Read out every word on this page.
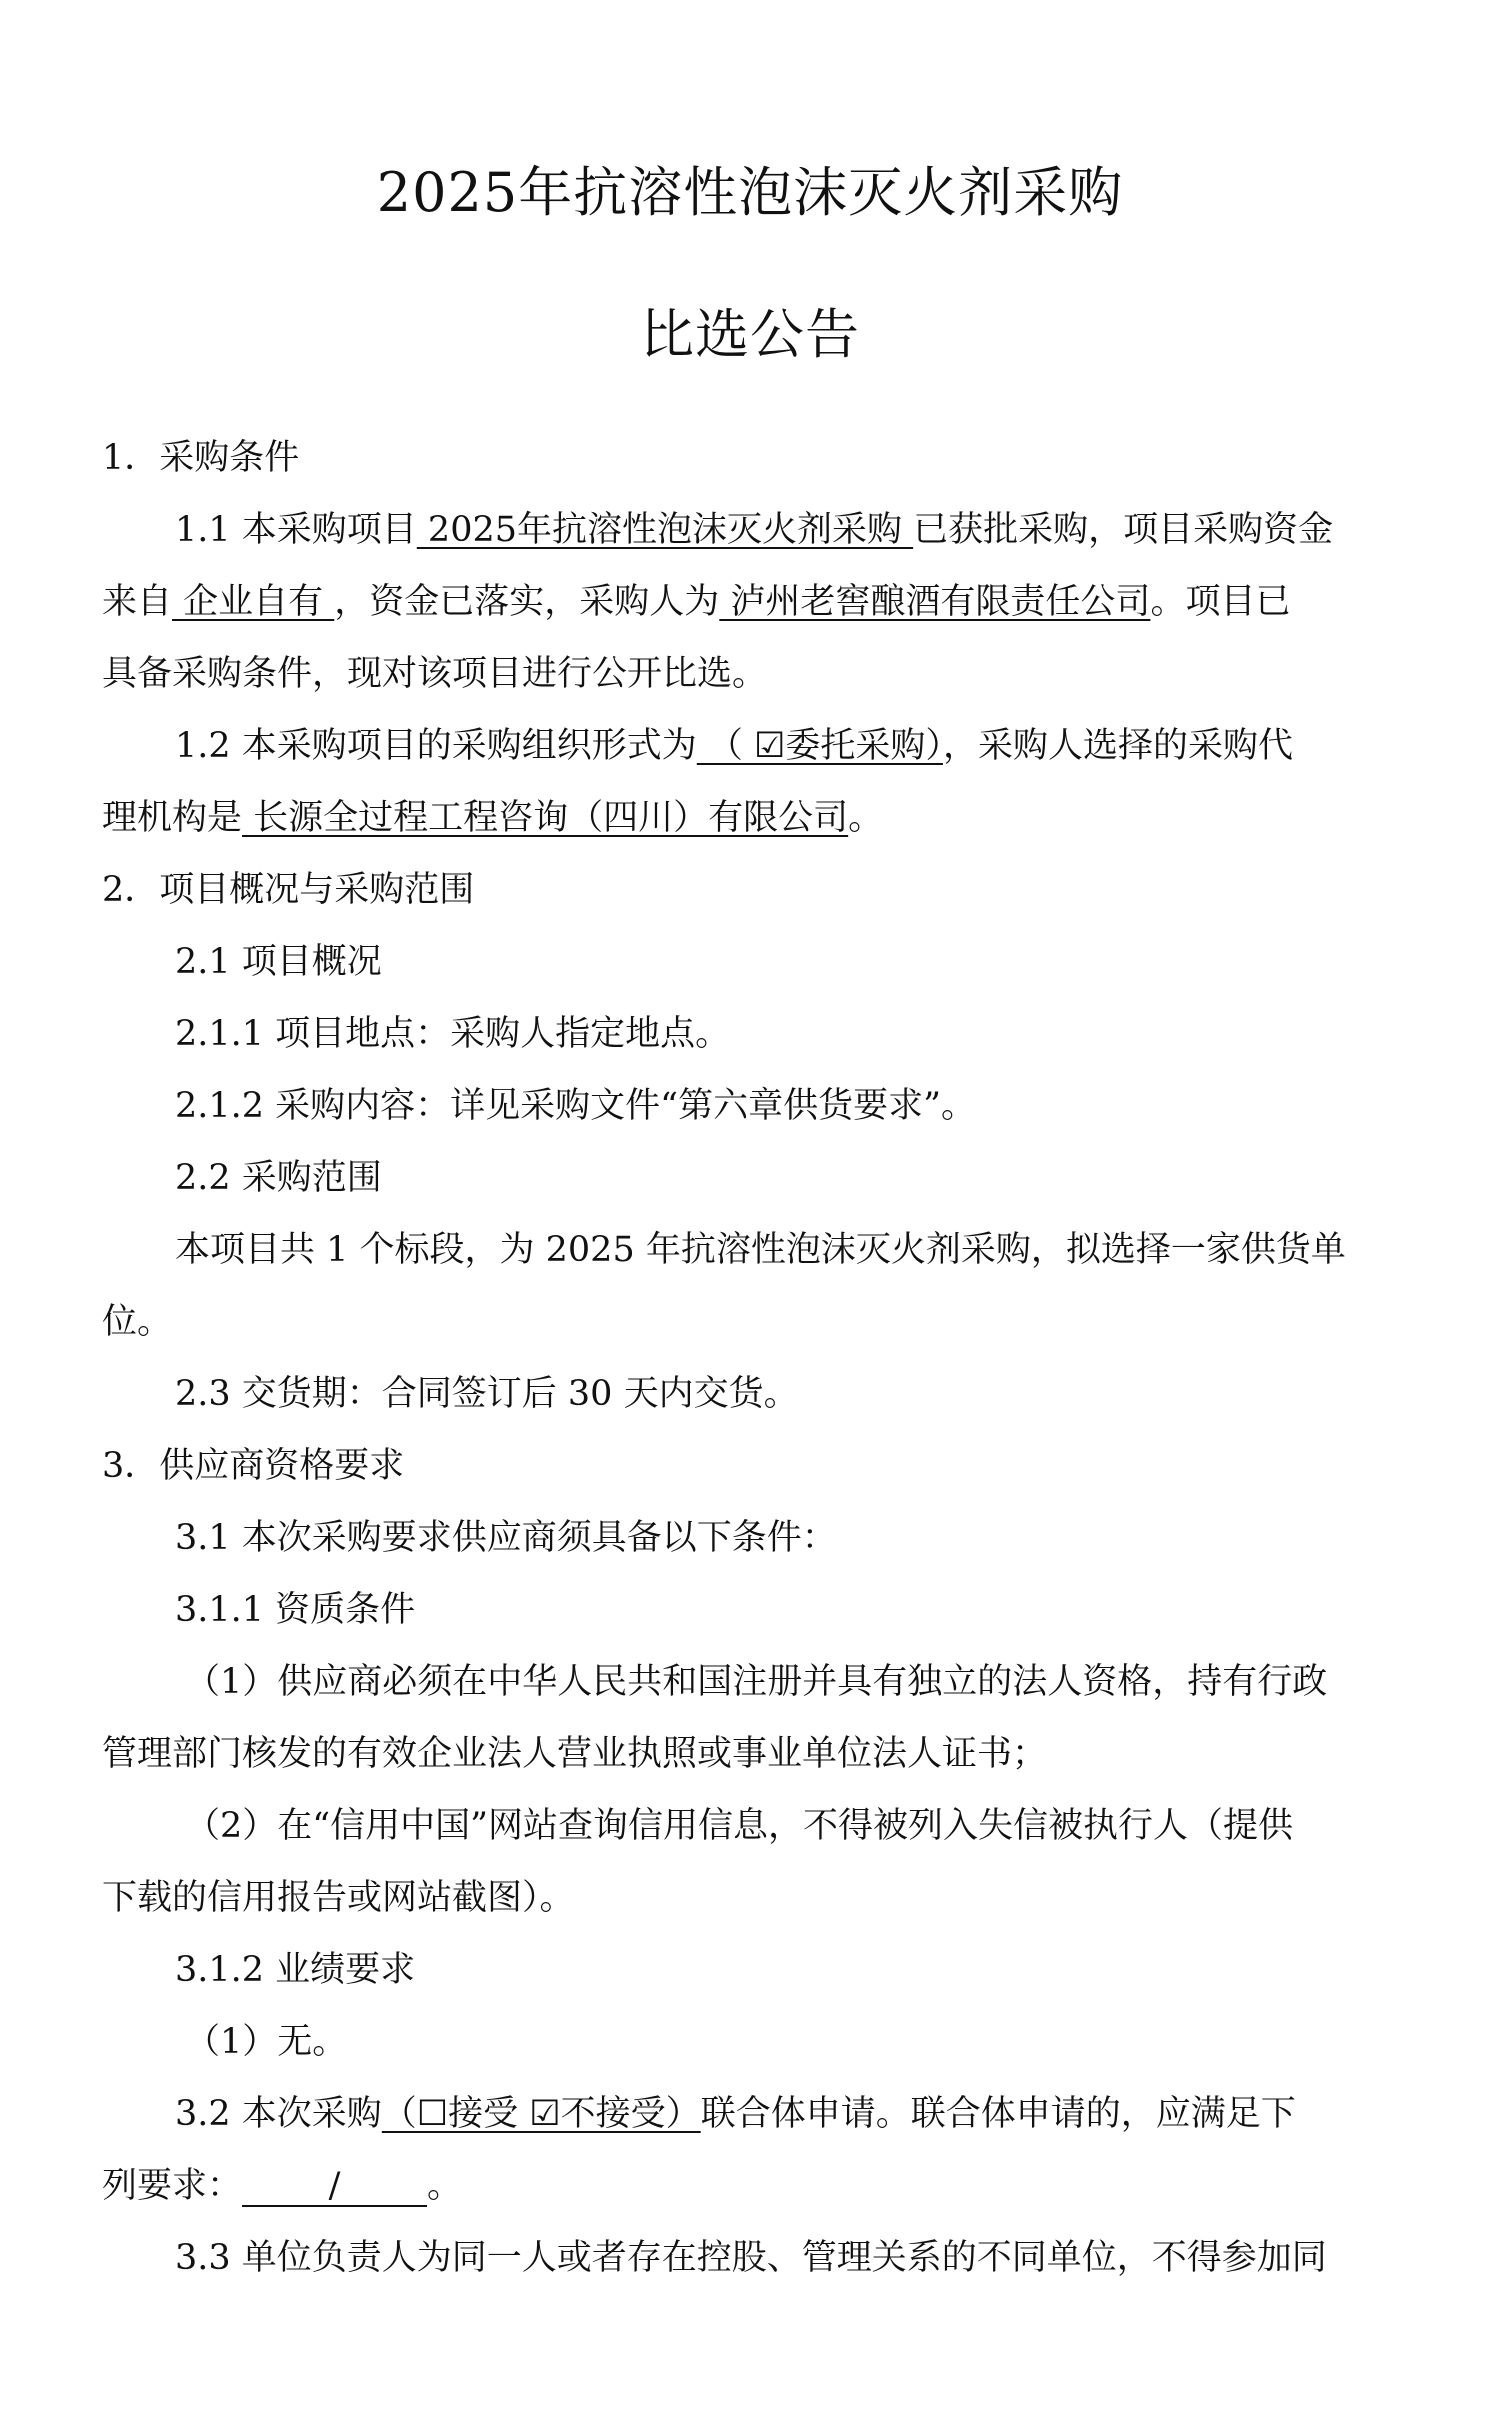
2025年抗溶性泡沫灭火剂采购
比选公告
1．采购条件
1.1 本采购项目 2025年抗溶性泡沫灭火剂采购 已获批采购，项目采购资金
来自 企业自有 ，资金已落实，采购人为 泸州老窖酿酒有限责任公司。项目已
具备采购条件，现对该项目进行公开比选。
1.2 本采购项目的采购组织形式为 （ ☑委托采购），采购人选择的采购代
理机构是 长源全过程工程咨询（四川）有限公司。
2．项目概况与采购范围
2.1 项目概况
2.1.1 项目地点：采购人指定地点。
2.1.2 采购内容：详见采购文件“第六章供货要求”。
2.2 采购范围
本项目共 1 个标段，为 2025 年抗溶性泡沫灭火剂采购，拟选择一家供货单
位。
2.3 交货期：合同签订后 30 天内交货。
3．供应商资格要求
3.1 本次采购要求供应商须具备以下条件：
3.1.1 资质条件
（1）供应商必须在中华人民共和国注册并具有独立的法人资格，持有行政
管理部门核发的有效企业法人营业执照或事业单位法人证书；
（2）在“信用中国”网站查询信用信息，不得被列入失信被执行人（提供
下载的信用报告或网站截图）。
3.1.2 业绩要求
（1）无。
3.2 本次采购（☐接受 ☑不接受）联合体申请。联合体申请的，应满足下
列要求： / 。
3.3 单位负责人为同一人或者存在控股、管理关系的不同单位，不得参加同
